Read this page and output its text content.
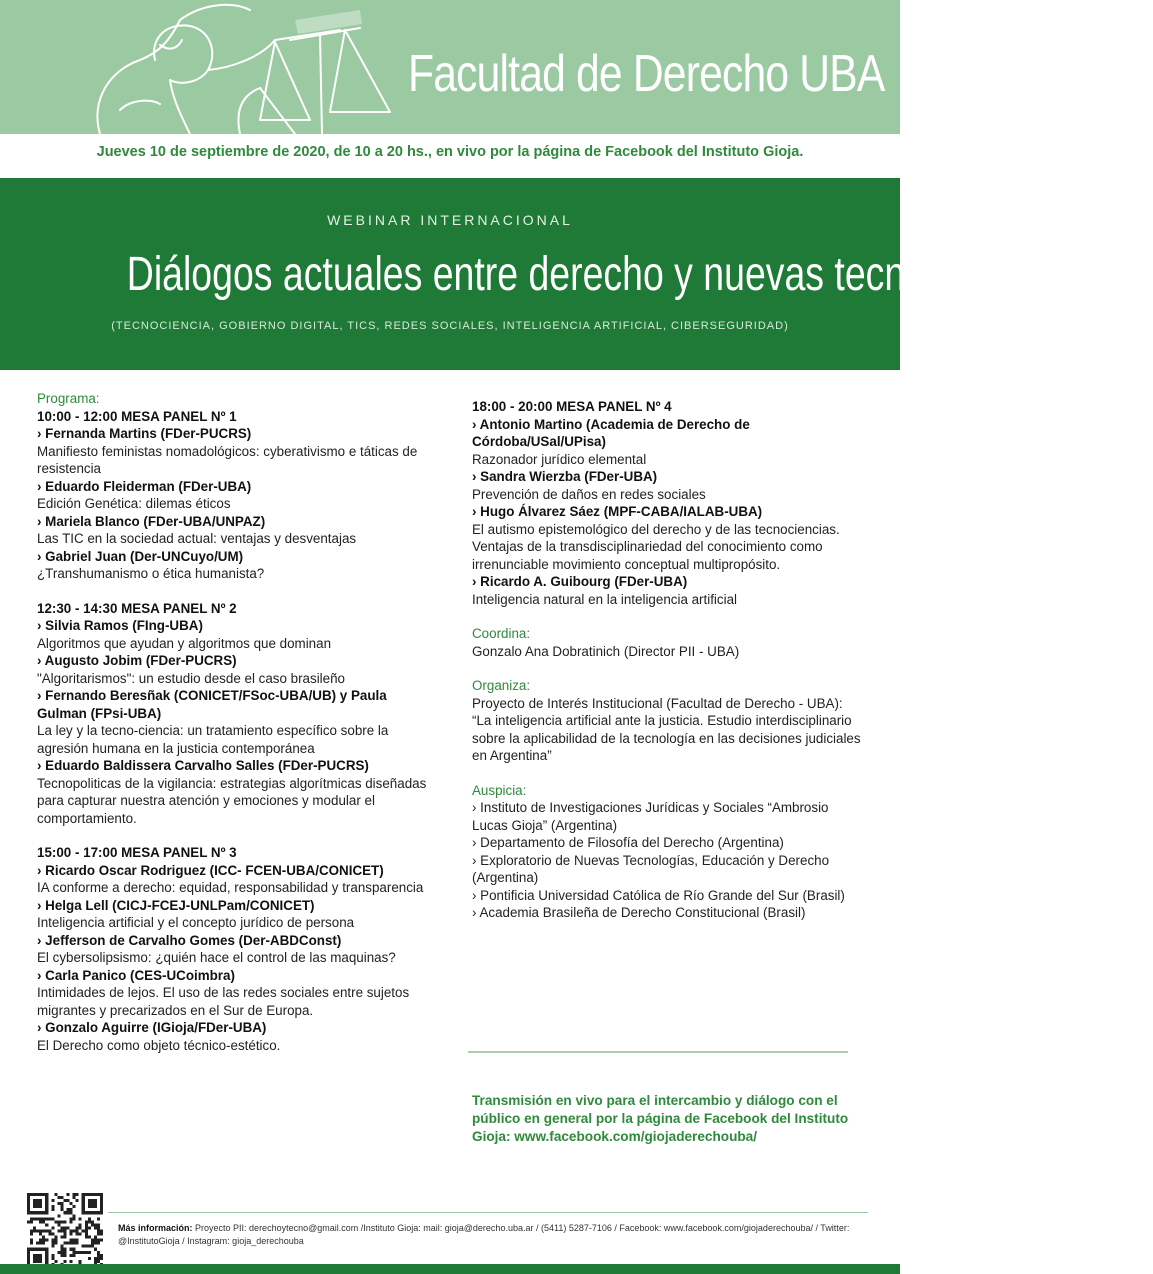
Facultad de Derecho UBA
Jueves 10 de septiembre de 2020, de 10 a 20 hs., en vivo por la página de Facebook del Instituto Gioja.
WEBINAR INTERNACIONAL
Diálogos actuales entre derecho y nuevas tecnologías
(TECNOCIENCIA, GOBIERNO DIGITAL, TICS, REDES SOCIALES, INTELIGENCIA ARTIFICIAL, CIBERSEGURIDAD)
Programa:
10:00 - 12:00 MESA PANEL Nº 1
› Fernanda Martins (FDer-PUCRS)
Manifiesto feministas nomadológicos: cyberativismo e táticas de resistencia
› Eduardo Fleiderman (FDer-UBA)
Edición Genética: dilemas éticos
› Mariela Blanco (FDer-UBA/UNPAZ)
Las TIC en la sociedad actual: ventajas y desventajas
› Gabriel Juan (Der-UNCuyo/UM)
¿Transhumanismo o ética humanista?
12:30 - 14:30 MESA PANEL Nº 2
› Silvia Ramos (FIng-UBA)
Algoritmos que ayudan y algoritmos que dominan
› Augusto Jobim (FDer-PUCRS)
"Algoritarismos": un estudio desde el caso brasileño
› Fernando Beresñak (CONICET/FSoc-UBA/UB) y Paula Gulman (FPsi-UBA)
La ley y la tecno-ciencia: un tratamiento específico sobre la agresión humana en la justicia contemporánea
› Eduardo Baldissera Carvalho Salles (FDer-PUCRS)
Tecnopoliticas de la vigilancia: estrategias algorítmicas diseñadas para capturar nuestra atención y emociones y modular el comportamiento.
15:00 - 17:00 MESA PANEL Nº 3
› Ricardo Oscar Rodriguez (ICC- FCEN-UBA/CONICET)
IA conforme a derecho: equidad, responsabilidad y transparencia
› Helga Lell (CICJ-FCEJ-UNLPam/CONICET)
Inteligencia artificial y el concepto jurídico de persona
› Jefferson de Carvalho Gomes (Der-ABDConst)
El cybersolipsismo: ¿quién hace el control de las maquinas?
› Carla Panico (CES-UCoimbra)
Intimidades de lejos. El uso de las redes sociales entre sujetos migrantes y precarizados en el Sur de Europa.
› Gonzalo Aguirre (IGioja/FDer-UBA)
El Derecho como objeto técnico-estético.
18:00 - 20:00 MESA PANEL Nº 4
› Antonio Martino (Academia de Derecho de Córdoba/USal/UPisa)
Razonador jurídico elemental
› Sandra Wierzba (FDer-UBA)
Prevención de daños en redes sociales
› Hugo Álvarez Sáez (MPF-CABA/IALAB-UBA)
El autismo epistemológico del derecho y de las tecnociencias. Ventajas de la transdisciplinariedad del conocimiento como irrenunciable movimiento conceptual multipropósito.
› Ricardo A. Guibourg (FDer-UBA)
Inteligencia natural en la inteligencia artificial
Coordina:
Gonzalo Ana Dobratinich (Director PII - UBA)
Organiza:
Proyecto de Interés Institucional (Facultad de Derecho - UBA): “La inteligencia artificial ante la justicia. Estudio interdisciplinario sobre la aplicabilidad de la tecnología en las decisiones judiciales en Argentina”
Auspicia:
› Instituto de Investigaciones Jurídicas y Sociales “Ambrosio Lucas Gioja” (Argentina)
› Departamento de Filosofía del Derecho (Argentina)
› Exploratorio de Nuevas Tecnologías, Educación y Derecho (Argentina)
› Pontificia Universidad Católica de Río Grande del Sur (Brasil)
› Academia Brasileña de Derecho Constitucional (Brasil)
Transmisión en vivo para el intercambio y diálogo con el público en general por la página de Facebook del Instituto Gioja: www.facebook.com/giojaderechouba/
Más información: Proyecto PII: derechoytecno@gmail.com /Instituto Gioja: mail: gioja@derecho.uba.ar / (5411) 5287-7106 / Facebook: www.facebook.com/giojaderechouba/ / Twitter: @InstitutoGioja / Instagram: gioja_derechouba
